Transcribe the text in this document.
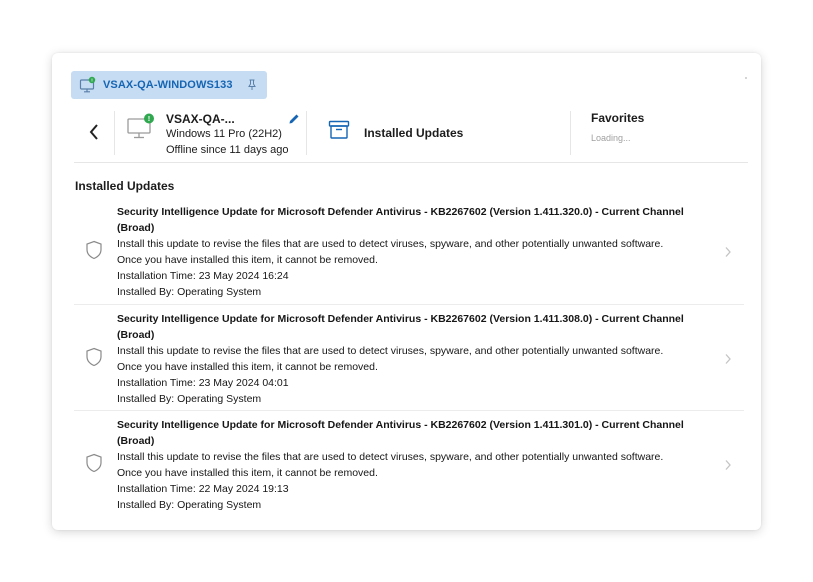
! VSAX-QA-WINDOWS133
! VSAX-QA-...
Windows 11 Pro (22H2)
Offline since 11 days ago
Installed Updates
Favorites
Loading...
Installed Updates
Security Intelligence Update for Microsoft Defender Antivirus - KB2267602 (Version 1.411.320.0) - Current Channel (Broad)
Install this update to revise the files that are used to detect viruses, spyware, and other potentially unwanted software.
Once you have installed this item, it cannot be removed.
Installation Time: 23 May 2024 16:24
Installed By: Operating System
Security Intelligence Update for Microsoft Defender Antivirus - KB2267602 (Version 1.411.308.0) - Current Channel (Broad)
Install this update to revise the files that are used to detect viruses, spyware, and other potentially unwanted software.
Once you have installed this item, it cannot be removed.
Installation Time: 23 May 2024 04:01
Installed By: Operating System
Security Intelligence Update for Microsoft Defender Antivirus - KB2267602 (Version 1.411.301.0) - Current Channel (Broad)
Install this update to revise the files that are used to detect viruses, spyware, and other potentially unwanted software.
Once you have installed this item, it cannot be removed.
Installation Time: 22 May 2024 19:13
Installed By: Operating System
